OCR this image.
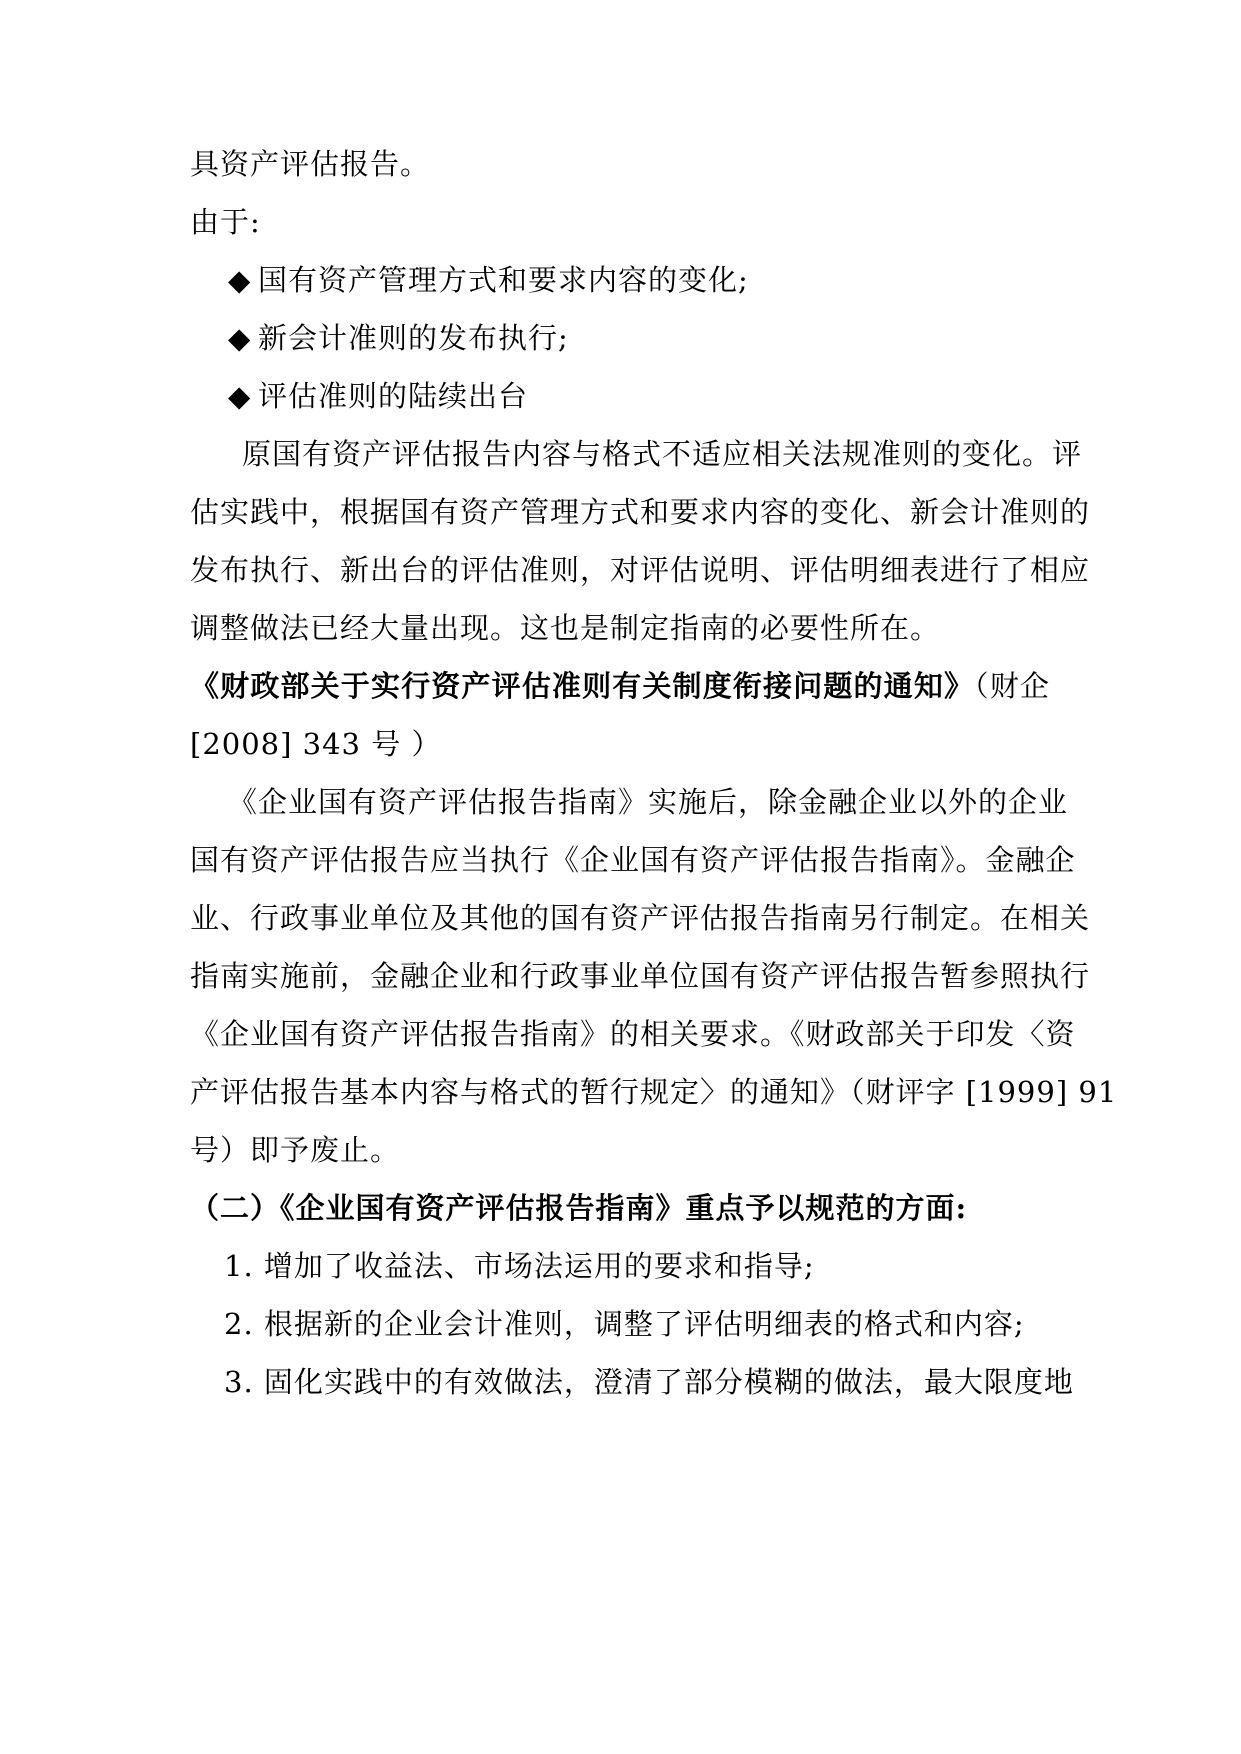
具资产评估报告。
由于:
◆ 国有资产管理方式和要求内容的变化;
◆ 新会计准则的发布执行;
◆ 评估准则的陆续出台
原国有资产评估报告内容与格式不适应相关法规准则的变化。评
估实践中，根据国有资产管理方式和要求内容的变化、新会计准则的
发布执行、新出台的评估准则，对评估说明、评估明细表进行了相应
调整做法已经大量出现。这也是制定指南的必要性所在。
《财政部关于实行资产评估准则有关制度衔接问题的通知》（财企
[2008] 343 号 ）
《企业国有资产评估报告指南》实施后，除金融企业以外的企业
国有资产评估报告应当执行《企业国有资产评估报告指南》。金融企
业、行政事业单位及其他的国有资产评估报告指南另行制定。在相关
指南实施前，金融企业和行政事业单位国有资产评估报告暂参照执行
《企业国有资产评估报告指南》的相关要求。《财政部关于印发〈资
产评估报告基本内容与格式的暂行规定〉的通知》（财评字 [1999] 91
号）即予废止。
（二）《企业国有资产评估报告指南》重点予以规范的方面:
1. 增加了收益法、市场法运用的要求和指导;
2. 根据新的企业会计准则，调整了评估明细表的格式和内容;
3. 固化实践中的有效做法，澄清了部分模糊的做法，最大限度地
